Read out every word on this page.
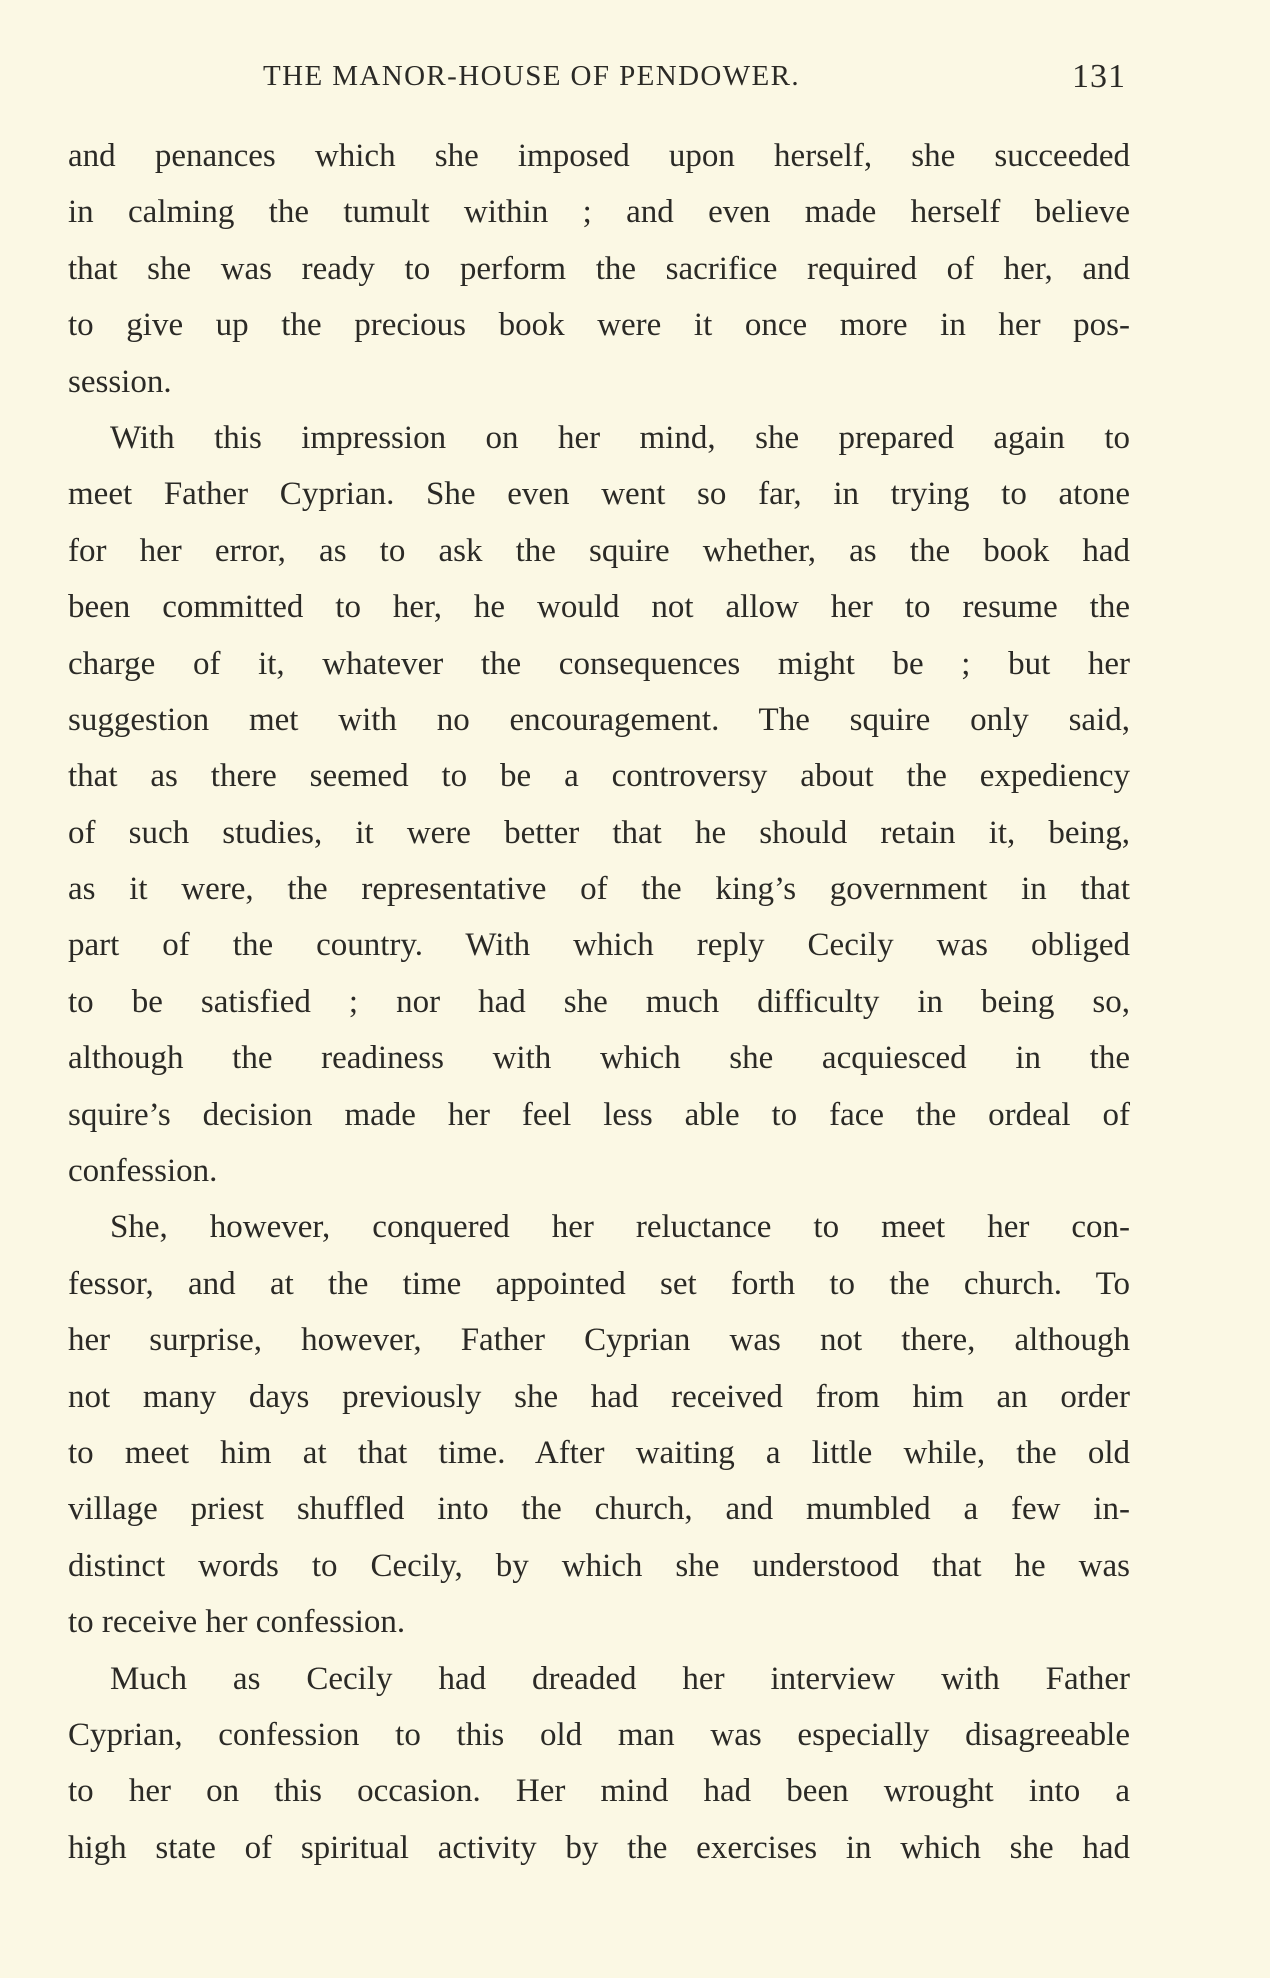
THE MANOR-HOUSE OF PENDOWER.	131
and penances which she imposed upon herself, she succeeded
in calming the tumult within ; and even made herself believe
that she was ready to perform the sacrifice required of her, and
to give up the precious book were it once more in her pos-
session.
With this impression on her mind, she prepared again to
meet Father Cyprian. She even went so far, in trying to atone
for her error, as to ask the squire whether, as the book had
been committed to her, he would not allow her to resume the
charge of it, whatever the consequences might be ; but her
suggestion met with no encouragement. The squire only said,
that as there seemed to be a controversy about the expediency
of such studies, it were better that he should retain it, being,
as it were, the representative of the king’s government in that
part of the country. With which reply Cecily was obliged
to be satisfied ; nor had she much difficulty in being so,
although the readiness with which she acquiesced in the
squire’s decision made her feel less able to face the ordeal of
confession.
She, however, conquered her reluctance to meet her con-
fessor, and at the time appointed set forth to the church. To
her surprise, however, Father Cyprian was not there, although
not many days previously she had received from him an order
to meet him at that time. After waiting a little while, the old
village priest shuffled into the church, and mumbled a few in-
distinct words to Cecily, by which she understood that he was
to receive her confession.
Much as Cecily had dreaded her interview with Father
Cyprian, confession to this old man was especially disagreeable
to her on this occasion. Her mind had been wrought into a
high state of spiritual activity by the exercises in which she had
